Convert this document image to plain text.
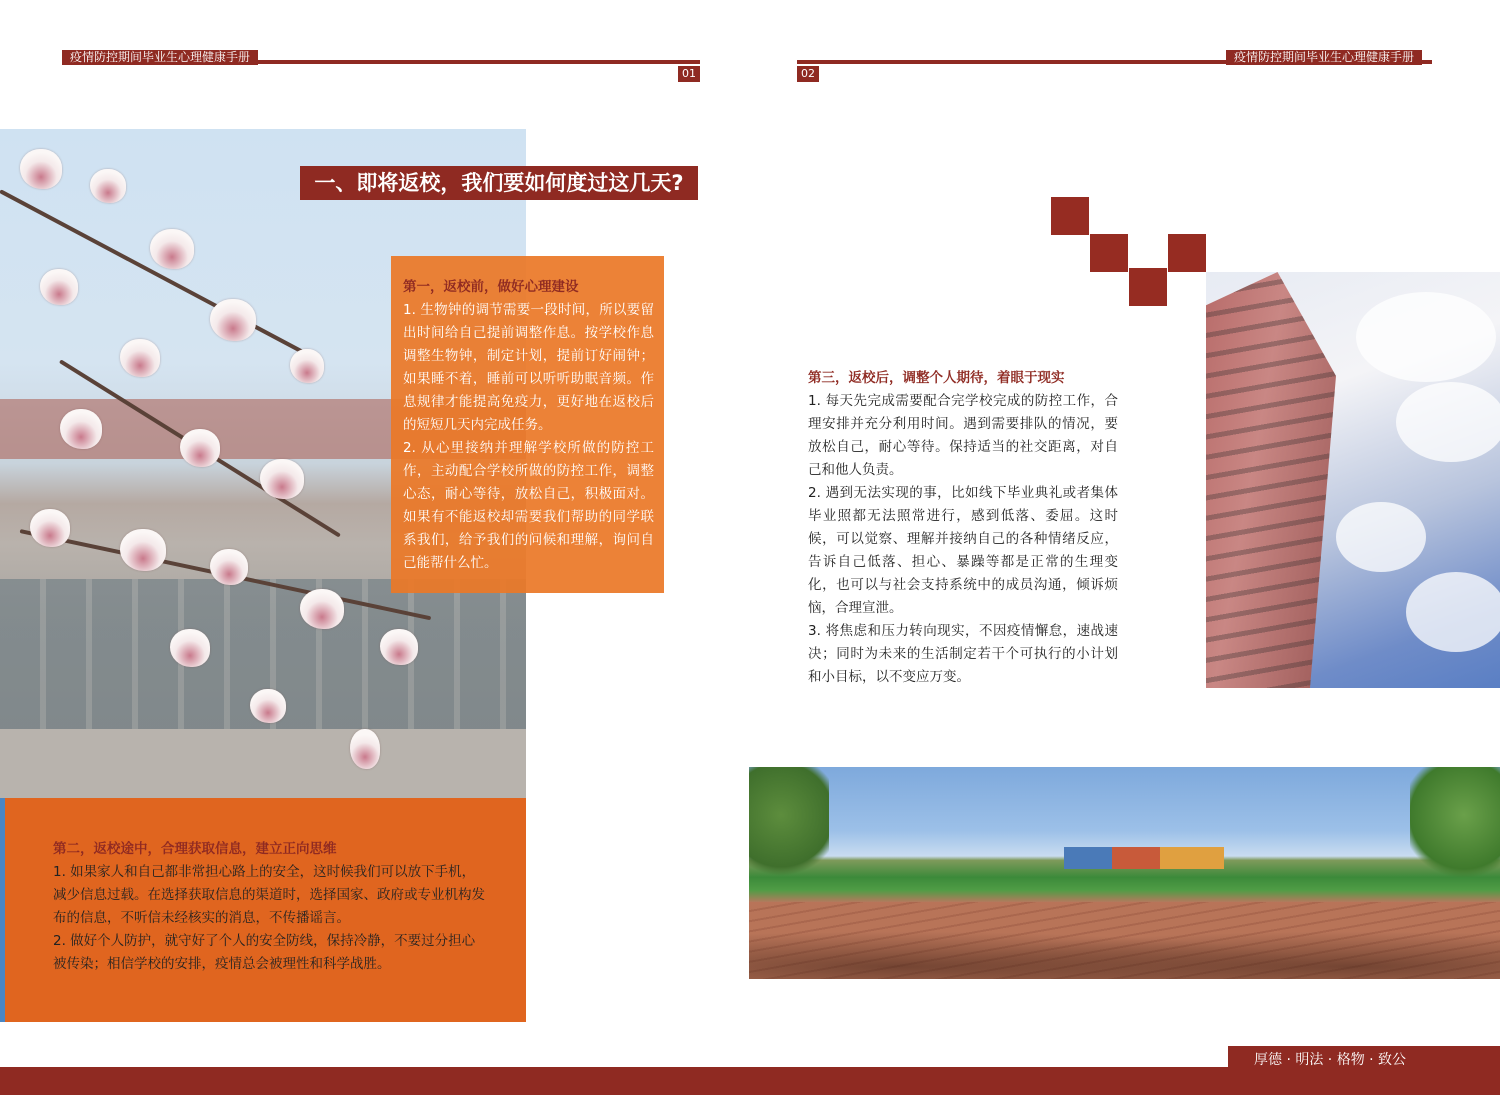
疫情防控期间毕业生心理健康手册
01
疫情防控期间毕业生心理健康手册
02
一、即将返校，我们要如何度过这几天?
第一，返校前，做好心理建设
1. 生物钟的调节需要一段时间，所以要留出时间给自己提前调整作息。按学校作息调整生物钟，制定计划，提前订好闹钟；如果睡不着，睡前可以听听助眠音频。作息规律才能提高免疫力，更好地在返校后的短短几天内完成任务。
2. 从心里接纳并理解学校所做的防控工作，主动配合学校所做的防控工作，调整心态，耐心等待，放松自己，积极面对。如果有不能返校却需要我们帮助的同学联系我们，给予我们的问候和理解，询问自己能帮什么忙。
第二，返校途中，合理获取信息，建立正向思维
1. 如果家人和自己都非常担心路上的安全，这时候我们可以放下手机，减少信息过载。在选择获取信息的渠道时，选择国家、政府或专业机构发布的信息，不听信未经核实的消息，不传播谣言。
2. 做好个人防护，就守好了个人的安全防线，保持冷静，不要过分担心被传染；相信学校的安排，疫情总会被理性和科学战胜。
第三，返校后，调整个人期待，着眼于现实
1. 每天先完成需要配合完学校完成的防控工作，合理安排并充分利用时间。遇到需要排队的情况，要放松自己，耐心等待。保持适当的社交距离，对自己和他人负责。
2. 遇到无法实现的事，比如线下毕业典礼或者集体毕业照都无法照常进行，感到低落、委屈。这时候，可以觉察、理解并接纳自己的各种情绪反应，告诉自己低落、担心、暴躁等都是正常的生理变化，也可以与社会支持系统中的成员沟通，倾诉烦恼，合理宣泄。
3. 将焦虑和压力转向现实，不因疫情懈怠，速战速决；同时为未来的生活制定若干个可执行的小计划和小目标，以不变应万变。
厚德 · 明法 · 格物 · 致公
